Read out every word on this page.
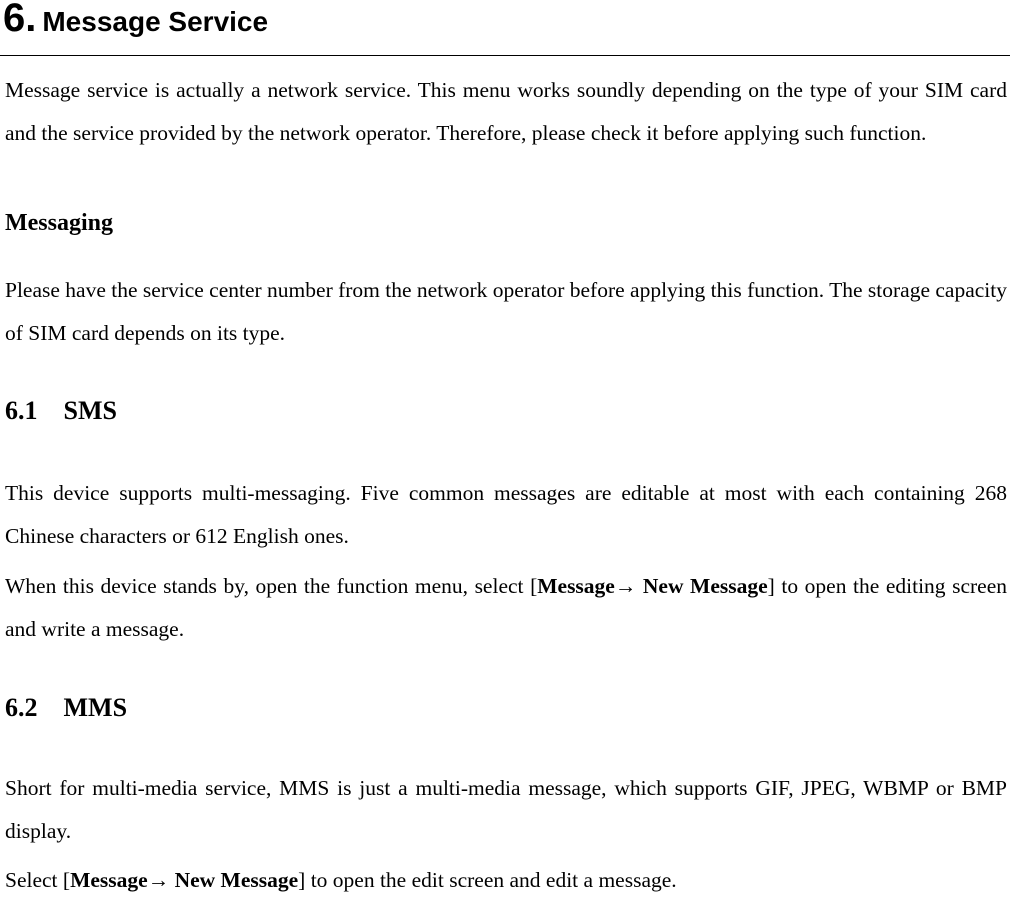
6. Message Service
Message service is actually a network service. This menu works soundly depending on the type of your SIM card and the service provided by the network operator. Therefore, please check it before applying such function.
Messaging
Please have the service center number from the network operator before applying this function. The storage capacity of SIM card depends on its type.
6.1 SMS
This device supports multi-messaging. Five common messages are editable at most with each containing 268 Chinese characters or 612 English ones.
When this device stands by, open the function menu, select [Message→ New Message] to open the editing screen and write a message.
6.2 MMS
Short for multi-media service, MMS is just a multi-media message, which supports GIF, JPEG, WBMP or BMP display.
Select [Message→ New Message] to open the edit screen and edit a message.
